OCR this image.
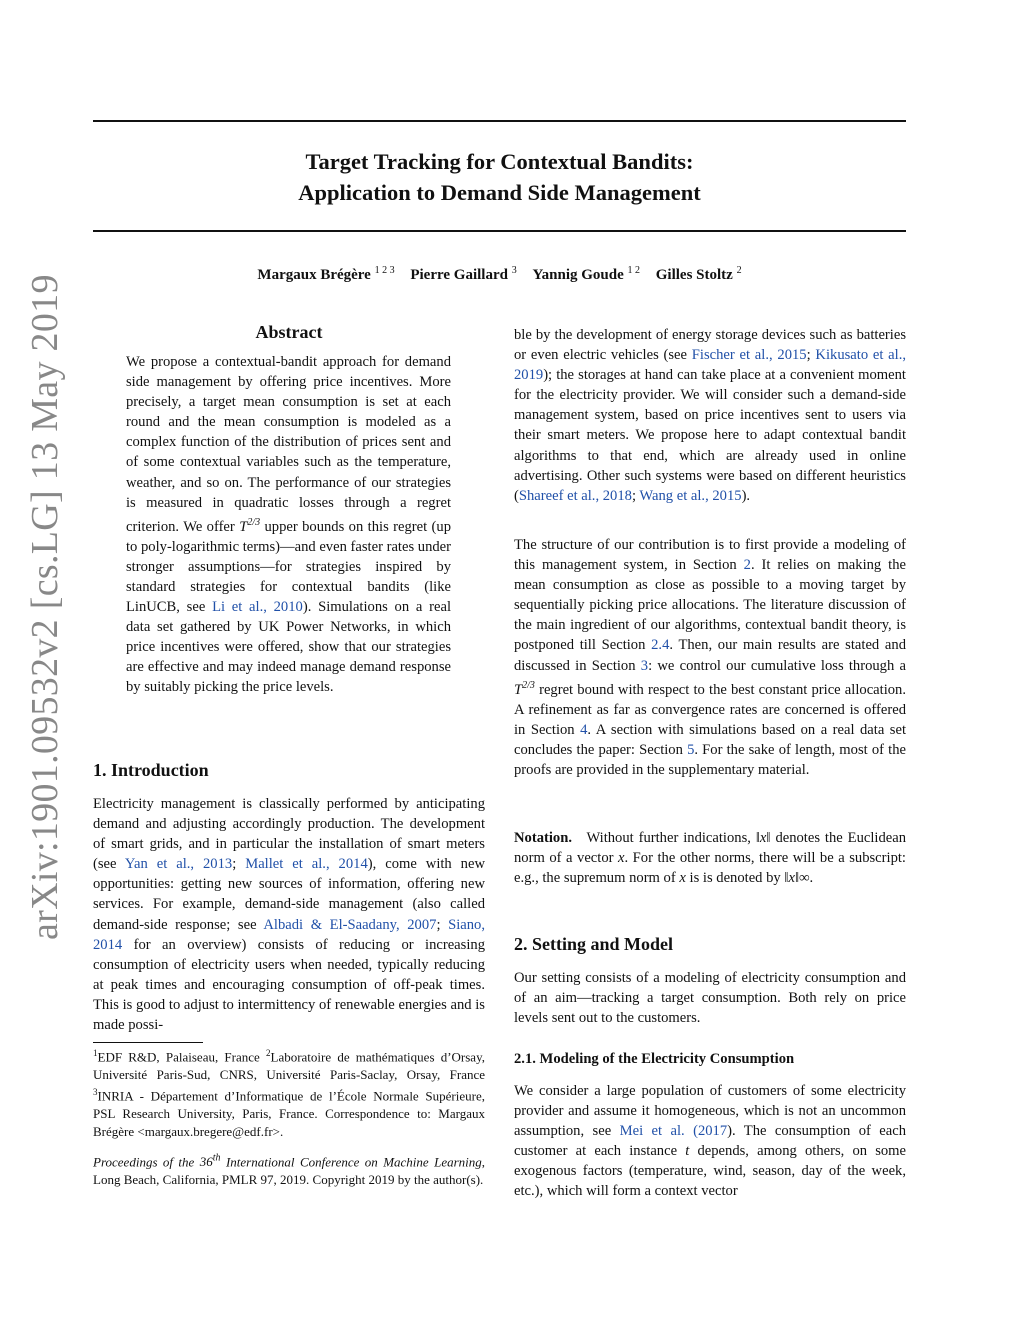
arXiv:1901.09532v2 [cs.LG] 13 May 2019
Target Tracking for Contextual Bandits:
Application to Demand Side Management
Margaux Brégère $^{1 2 3}$ Pierre Gaillard $^3$ Yannig Goude $^{1 2}$ Gilles Stoltz $^2$
Abstract

We propose a contextual-bandit approach for demand side management by offering price incentives. More precisely, a target mean consumption is set at each round and the mean consumption is modeled as a complex function of the distribution of prices sent and of some contextual variables such as the temperature, weather, and so on. The performance of our strategies is measured in quadratic losses through a regret criterion. We offer $T^{2/3}$ upper bounds on this regret (up to poly-logarithmic terms)—and even faster rates under stronger assumptions—for strategies inspired by standard strategies for contextual bandits (like LinUCB, see Li et al., 2010). Simulations on a real data set gathered by UK Power Networks, in which price incentives were offered, show that our strategies are effective and may indeed manage demand response by suitably picking the price levels.

1. Introduction

Electricity management is classically performed by anticipating demand and adjusting accordingly production. The development of smart grids, and in particular the installation of smart meters (see Yan et al., 2013; Mallet et al., 2014), come with new opportunities: getting new sources of information, offering new services. For example, demand-side management (also called demand-side response; see Albadi & El-Saadany, 2007; Siano, 2014 for an overview) consists of reducing or increasing consumption of electricity users when needed, typically reducing at peak times and encouraging consumption of off-peak times. This is good to adjust to intermittency of renewable energies and is made possi-

$^1$EDF R&D, Palaiseau, France $^2$Laboratoire de mathématiques d’Orsay, Université Paris-Sud, CNRS, Université Paris-Saclay, Orsay, France $^3$INRIA - Département d’Informatique de l’École Normale Supérieure, PSL Research University, Paris, France. Correspondence to: Margaux Brégère <margaux.bregere@edf.fr>.
Proceedings of the 36th International Conference on Machine Learning, Long Beach, California, PMLR 97, 2019. Copyright 2019 by the author(s).

ble by the development of energy storage devices such as batteries or even electric vehicles (see Fischer et al., 2015; Kikusato et al., 2019); the storages at hand can take place at a convenient moment for the electricity provider. We will consider such a demand-side management system, based on price incentives sent to users via their smart meters. We propose here to adapt contextual bandit algorithms to that end, which are already used in online advertising. Other such systems were based on different heuristics (Shareef et al., 2018; Wang et al., 2015).

The structure of our contribution is to first provide a modeling of this management system, in Section 2. It relies on making the mean consumption as close as possible to a moving target by sequentially picking price allocations. The literature discussion of the main ingredient of our algorithms, contextual bandit theory, is postponed till Section 2.4. Then, our main results are stated and discussed in Section 3: we control our cumulative loss through a $T^{2/3}$ regret bound with respect to the best constant price allocation. A refinement as far as convergence rates are concerned is offered in Section 4. A section with simulations based on a real data set concludes the paper: Section 5. For the sake of length, most of the proofs are provided in the supplementary material.

Notation. Without further indications, ‖x‖ denotes the Euclidean norm of a vector x. For the other norms, there will be a subscript: e.g., the supremum norm of x is is denoted by ‖x‖∞.

2. Setting and Model

Our setting consists of a modeling of electricity consumption and of an aim—tracking a target consumption. Both rely on price levels sent out to the customers.

2.1. Modeling of the Electricity Consumption

We consider a large population of customers of some electricity provider and assume it homogeneous, which is not an uncommon assumption, see Mei et al. (2017). The consumption of each customer at each instance t depends, among others, on some exogenous factors (temperature, wind, season, day of the week, etc.), which will form a context vector
